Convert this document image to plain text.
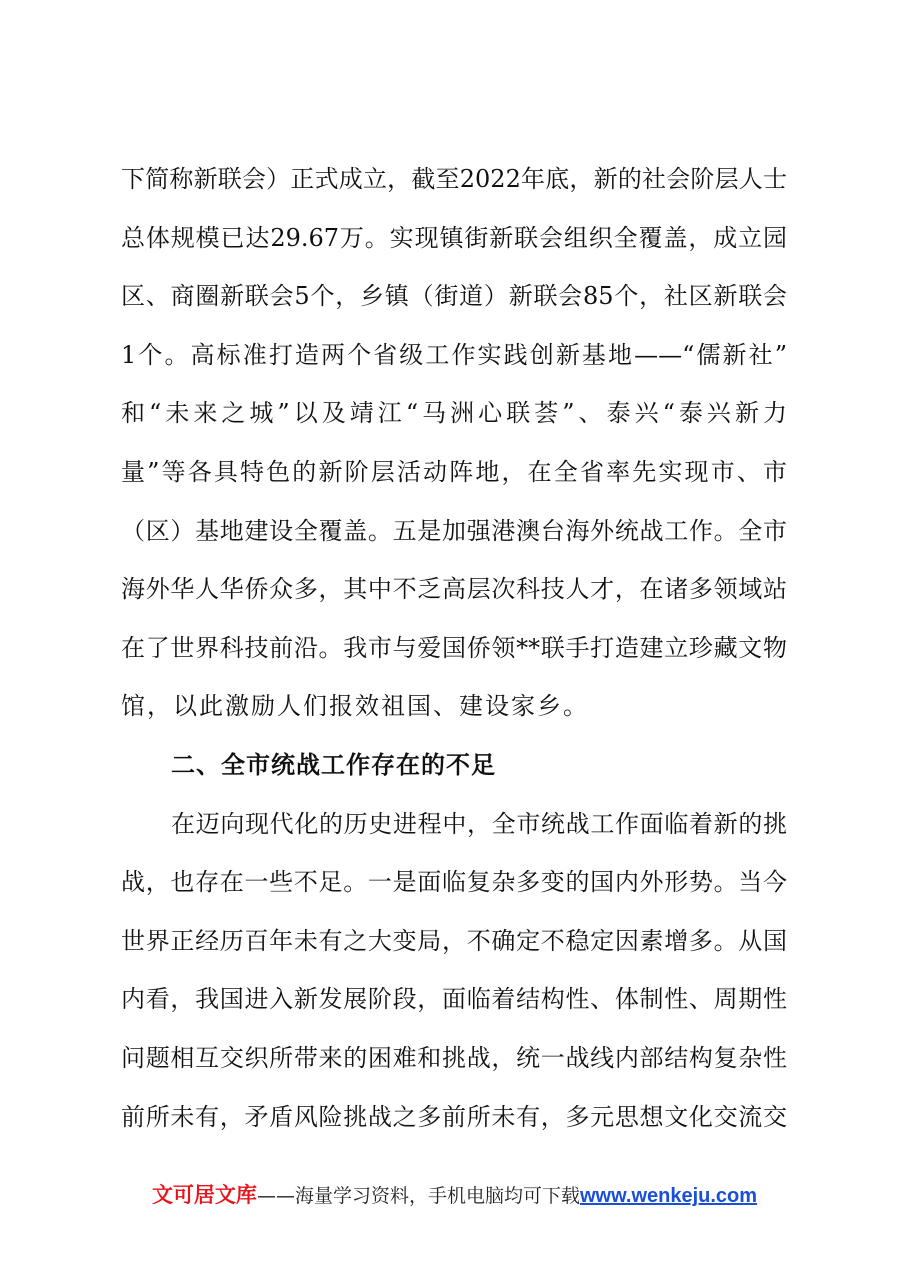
下简称新联会）正式成立，截至2022年底，新的社会阶层人士
总体规模已达29.67万。实现镇街新联会组织全覆盖，成立园
区、商圈新联会5个，乡镇（街道）新联会85个，社区新联会
1个。高标准打造两个省级工作实践创新基地——“儒新社”
和“未来之城”以及靖江“马洲心联荟”、泰兴“泰兴新力
量”等各具特色的新阶层活动阵地，在全省率先实现市、市
（区）基地建设全覆盖。五是加强港澳台海外统战工作。全市
海外华人华侨众多，其中不乏高层次科技人才，在诸多领域站
在了世界科技前沿。我市与爱国侨领**联手打造建立珍藏文物
馆，以此激励人们报效祖国、建设家乡。
二、全市统战工作存在的不足
在迈向现代化的历史进程中，全市统战工作面临着新的挑
战，也存在一些不足。一是面临复杂多变的国内外形势。当今
世界正经历百年未有之大变局，不确定不稳定因素增多。从国
内看，我国进入新发展阶段，面临着结构性、体制性、周期性
问题相互交织所带来的困难和挑战，统一战线内部结构复杂性
前所未有，矛盾风险挑战之多前所未有，多元思想文化交流交
文可居文库——海量学习资料，手机电脑均可下载www.wenkeju.com
